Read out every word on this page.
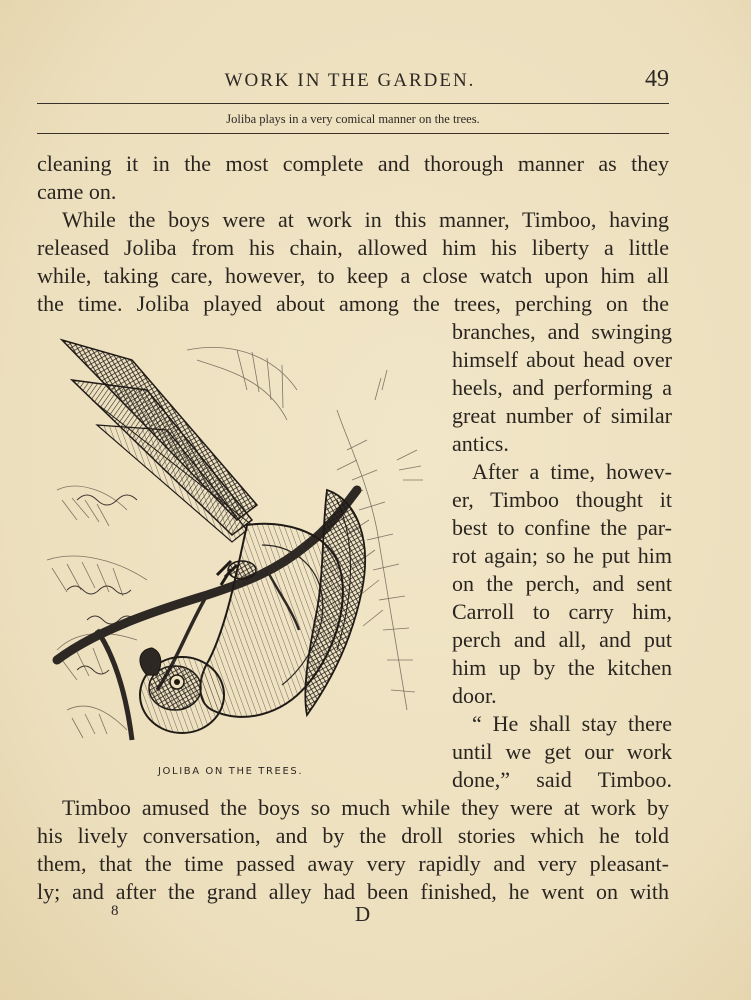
WORK IN THE GARDEN.	49
Joliba plays in a very comical manner on the trees.
cleaning it in the most complete and thorough manner as they
came on.
While the boys were at work in this manner, Timboo, having
released Joliba from his chain, allowed him his liberty a little
while, taking care, however, to keep a close watch upon him all
the time. Joliba played about among the trees, perching on the
branches, and swinging
himself about head over
heels, and performing a
great number of similar
antics.
After a time, howev-
er, Timboo thought it
best to confine the par-
rot again; so he put him
on the perch, and sent
Carroll to carry him,
perch and all, and put
him up by the kitchen
door.
“ He shall stay there
until we get our work
done,” said Timboo.
Timboo amused the boys so much while they were at work by
his lively conversation, and by the droll stories which he told
them, that the time passed away very rapidly and very pleasant-
ly; and after the grand alley had been finished, he went on with
JOLIBA ON THE TREES.
8	D
